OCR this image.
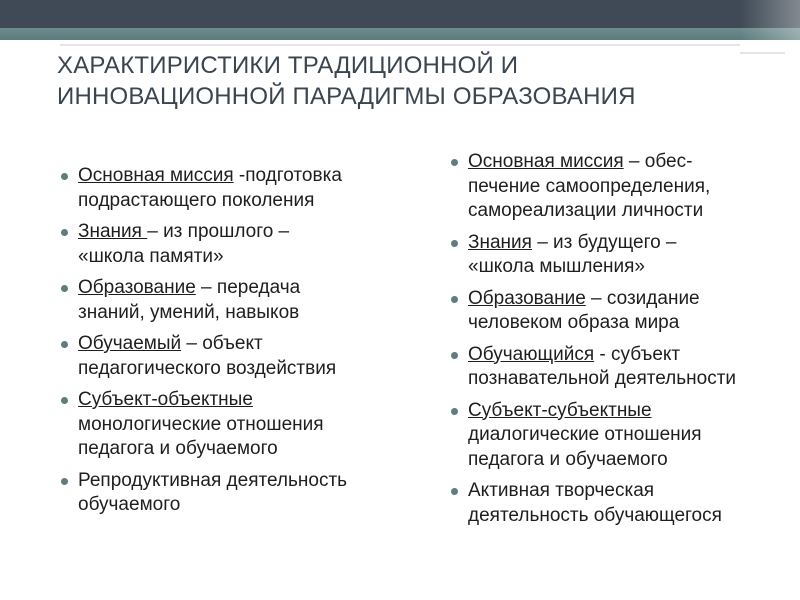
ХАРАКТИРИСТИКИ ТРАДИЦИОННОЙ И
ИННОВАЦИОННОЙ ПАРАДИГМЫ ОБРАЗОВАНИЯ
Основная миссия -подготовка
подрастающего поколения
Знания – из прошлого –
«школа памяти»
Образование – передача
знаний, умений, навыков
Обучаемый – объект
педагогического воздействия
Субъект-объектные
монологические отношения
педагога и обучаемого
Репродуктивная деятельность
обучаемого
Основная миссия – обес-
печение самоопределения,
самореализации личности
Знания – из будущего –
«школа мышления»
Образование – созидание
человеком образа мира
Обучающийся - субъект
познавательной деятельности
Субъект-субъектные
диалогические отношения
педагога и обучаемого
Активная творческая
деятельность обучающегося
